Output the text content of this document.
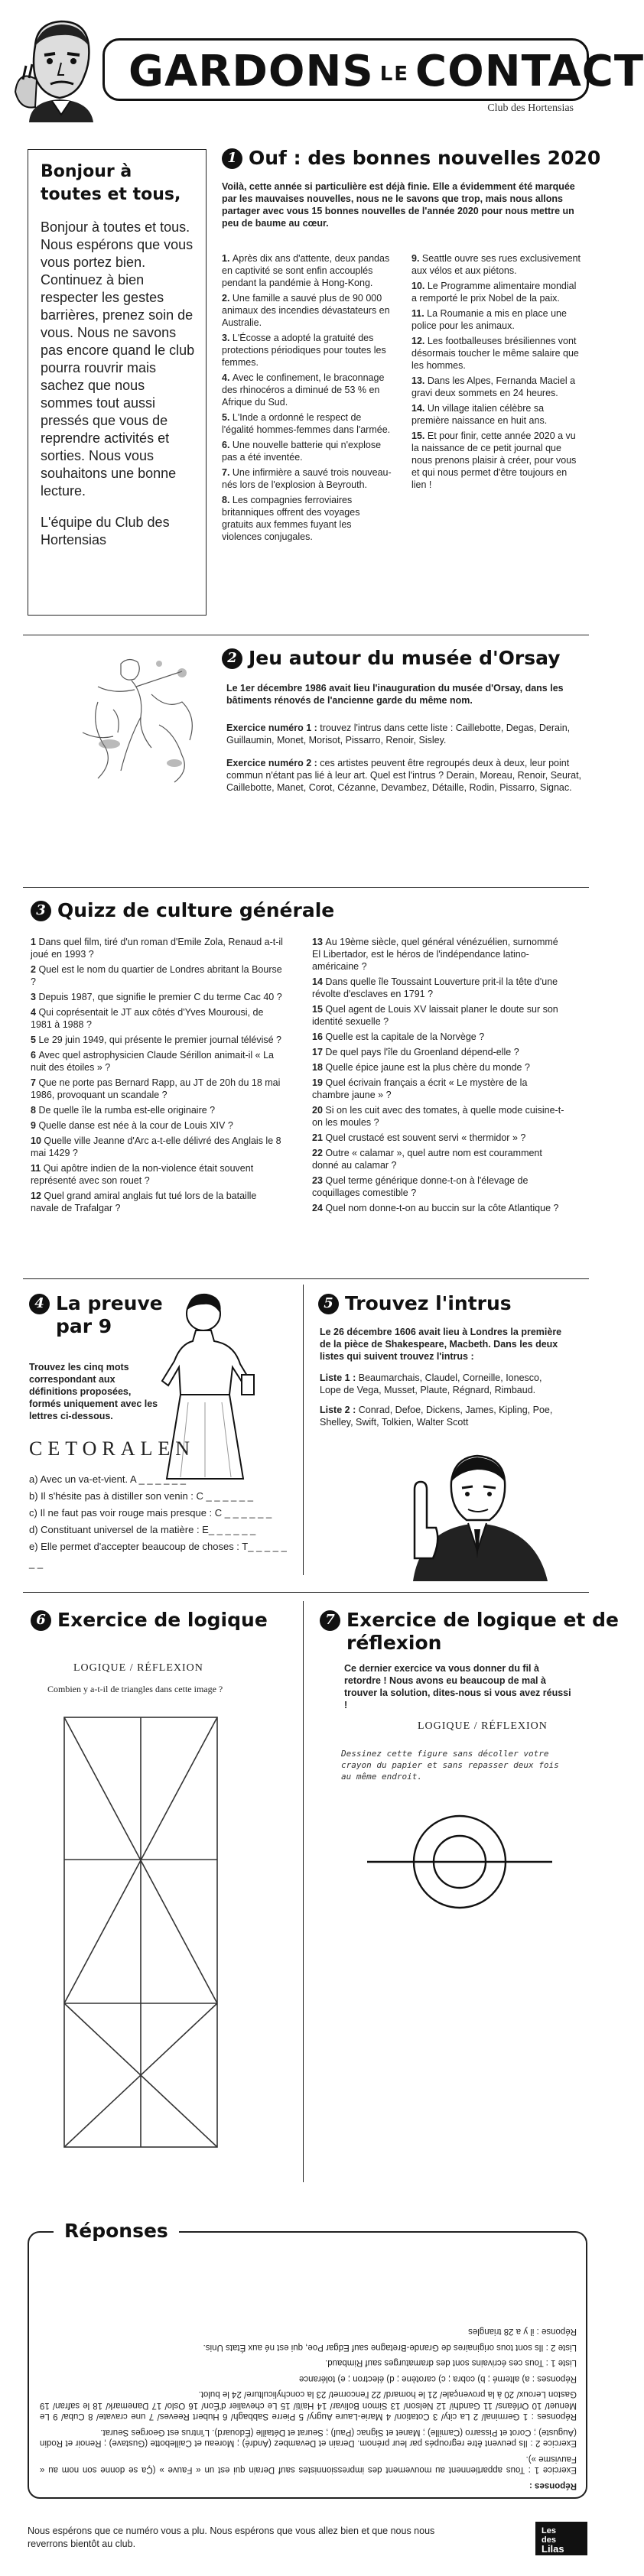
GARDONS LE CONTACT
Club des Hortensias
Bonjour à toutes et tous,
Bonjour à toutes et tous. Nous espérons que vous vous portez bien. Continuez à bien respecter les gestes barrières, prenez soin de vous. Nous ne savons pas encore quand le club pourra rouvrir mais sachez que nous sommes tout aussi pressés que vous de reprendre activités et sorties. Nous vous souhaitons une bonne lecture.
L'équipe du Club des Hortensias
1 Ouf : des bonnes nouvelles 2020
Voilà, cette année si particulière est déjà finie. Elle a évidemment été marquée par les mauvaises nouvelles, nous ne le savons que trop, mais nous allons partager avec vous 15 bonnes nouvelles de l'année 2020 pour nous mettre un peu de baume au cœur.
1. Après dix ans d'attente, deux pandas en captivité se sont enfin accouplés pendant la pandémie à Hong-Kong.
2. Une famille a sauvé plus de 90 000 animaux des incendies dévastateurs en Australie.
3. L'Écosse a adopté la gratuité des protections périodiques pour toutes les femmes.
4. Avec le confinement, le braconnage des rhinocéros a diminué de 53 % en Afrique du Sud.
5. L'Inde a ordonné le respect de l'égalité hommes-femmes dans l'armée.
6. Une nouvelle batterie qui n'explose pas a été inventée.
7. Une infirmière a sauvé trois nouveau-nés lors de l'explosion à Beyrouth.
8. Les compagnies ferroviaires britanniques offrent des voyages gratuits aux femmes fuyant les violences conjugales.
9. Seattle ouvre ses rues exclusivement aux vélos et aux piétons.
10. Le Programme alimentaire mondial a remporté le prix Nobel de la paix.
11. La Roumanie a mis en place une police pour les animaux.
12. Les footballeuses brésiliennes vont désormais toucher le même salaire que les hommes.
13. Dans les Alpes, Fernanda Maciel a gravi deux sommets en 24 heures.
14. Un village italien célèbre sa première naissance en huit ans.
15. Et pour finir, cette année 2020 a vu la naissance de ce petit journal que nous prenons plaisir à créer, pour vous et qui nous permet d'être toujours en lien !
2 Jeu autour du musée d'Orsay
Le 1er décembre 1986 avait lieu l'inauguration du musée d'Orsay, dans les bâtiments rénovés de l'ancienne garde du même nom.
Exercice numéro 1 : trouvez l'intrus dans cette liste : Caillebotte, Degas, Derain, Guillaumin, Monet, Morisot, Pissarro, Renoir, Sisley.
Exercice numéro 2 : ces artistes peuvent être regroupés deux à deux, leur point commun n'étant pas lié à leur art. Quel est l'intrus ? Derain, Moreau, Renoir, Seurat, Caillebotte, Manet, Corot, Cézanne, Devambez, Détaille, Rodin, Pissarro, Signac.
3 Quizz de culture générale
1 Dans quel film, tiré d'un roman d'Emile Zola, Renaud a-t-il joué en 1993 ?
2 Quel est le nom du quartier de Londres abritant la Bourse ?
3 Depuis 1987, que signifie le premier C du terme Cac 40 ?
4 Qui coprésentait le JT aux côtés d'Yves Mourousi, de 1981 à 1988 ?
5 Le 29 juin 1949, qui présente le premier journal télévisé ?
6 Avec quel astrophysicien Claude Sérillon animait-il « La nuit des étoiles » ?
7 Que ne porte pas Bernard Rapp, au JT de 20h du 18 mai 1986, provoquant un scandale ?
8 De quelle île la rumba est-elle originaire ?
9 Quelle danse est née à la cour de Louis XIV ?
10 Quelle ville Jeanne d'Arc a-t-elle délivré des Anglais le 8 mai 1429 ?
11 Qui apôtre indien de la non-violence était souvent représenté avec son rouet ?
12 Quel grand amiral anglais fut tué lors de la bataille navale de Trafalgar ?
13 Au 19ème siècle, quel général vénézuélien, surnommé El Libertador, est le héros de l'indépendance latino-américaine ?
14 Dans quelle île Toussaint Louverture prit-il la tête d'une révolte d'esclaves en 1791 ?
15 Quel agent de Louis XV laissait planer le doute sur son identité sexuelle ?
16 Quelle est la capitale de la Norvège ?
17 De quel pays l'île du Groenland dépend-elle ?
18 Quelle épice jaune est la plus chère du monde ?
19 Quel écrivain français a écrit « Le mystère de la chambre jaune » ?
20 Si on les cuit avec des tomates, à quelle mode cuisine-t-on les moules ?
21 Quel crustacé est souvent servi « thermidor » ?
22 Outre « calamar », quel autre nom est couramment donné au calamar ?
23 Quel terme générique donne-t-on à l'élevage de coquillages comestible ?
24 Quel nom donne-t-on au buccin sur la côte Atlantique ?
4 La preuve
par 9
Trouvez les cinq mots correspondant aux définitions proposées, formés uniquement avec les lettres ci-dessous.
CETORALEN
a) Avec un va-et-vient. A _ _ _ _ _ _
b) Il s'hésite pas à distiller son venin : C _ _ _ _ _ _
c) Il ne faut pas voir rouge mais presque : C _ _ _ _ _ _
d) Constituant universel de la matière : E_ _ _ _ _ _
e) Elle permet d'accepter beaucoup de choses : T_ _ _ _ _ _ _
5 Trouvez l'intrus
Le 26 décembre 1606 avait lieu à Londres la première de la pièce de Shakespeare, Macbeth. Dans les deux listes qui suivent trouvez l'intrus :
Liste 1 : Beaumarchais, Claudel, Corneille, Ionesco, Lope de Vega, Musset, Plaute, Régnard, Rimbaud.
Liste 2 : Conrad, Defoe, Dickens, James, Kipling, Poe, Shelley, Swift, Tolkien, Walter Scott
6 Exercice de logique
LOGIQUE / RÉFLEXION
Combien y a-t-il de triangles dans cette image ?
7 Exercice de logique et de
réflexion
Ce dernier exercice va vous donner du fil à retordre ! Nous avons eu beaucoup de mal à trouver la solution, dites-nous si vous avez réussi !
LOGIQUE / RÉFLEXION
Dessinez cette figure sans décoller votre crayon du papier et sans repasser deux fois au même endroit.

Réponses :

Exercice 1 : Tous appartiennent au mouvement des impressionnistes sauf Derain qui est un « Fauve » (Ça se donne son nom au « Fauvisme »).

Exercice 2 : Ils peuvent être regroupés par leur prénom. Derain et Devambez (André) ; Moreau et Caillebotte (Gustave) ; Renoir et Rodin (Auguste) ; Corot et Pissarro (Camille) ; Manet et Signac (Paul) ; Seurat et Détaille (Édouard). L'intrus est Georges Seurat.

Réponses : 1 Germinal/ 2 La city/ 3 Cotation/ 4 Marie-Laure Augry/ 5 Pierre Sabbagh/ 6 Hubert Reeves/ 7 une cravate/ 8 Cuba/ 9 Le Menuet/ 10 Orléans/ 11 Gandhi/ 12 Nelson/ 13 Simon Bolivar/ 14 Haïti/ 15 Le chevalier d'Éon/ 16 Oslo/ 17 Danemark/ 18 le safran/ 19 Gaston Leroux/ 20 à la provençale/ 21 le homard/ 22 l'encornet/ 23 la conchyliculture/ 24 le bulot.

Réponses : a) alterné ; b) cobra ; c) carotène ; d) électron ; e) tolérance

Liste 1 : Tous ces écrivains sont des dramaturges sauf Rimbaud.

Liste 2 : Ils sont tous originaires de Grande-Bretagne sauf Edgar Poe, qui est né aux États Unis.

Réponse : il y a 28 triangles

Réponses
Nous espérons que ce numéro vous a plu. Nous espérons que vous allez bien et que nous nous reverrons bientôt au club.
Les
des
Lilas
